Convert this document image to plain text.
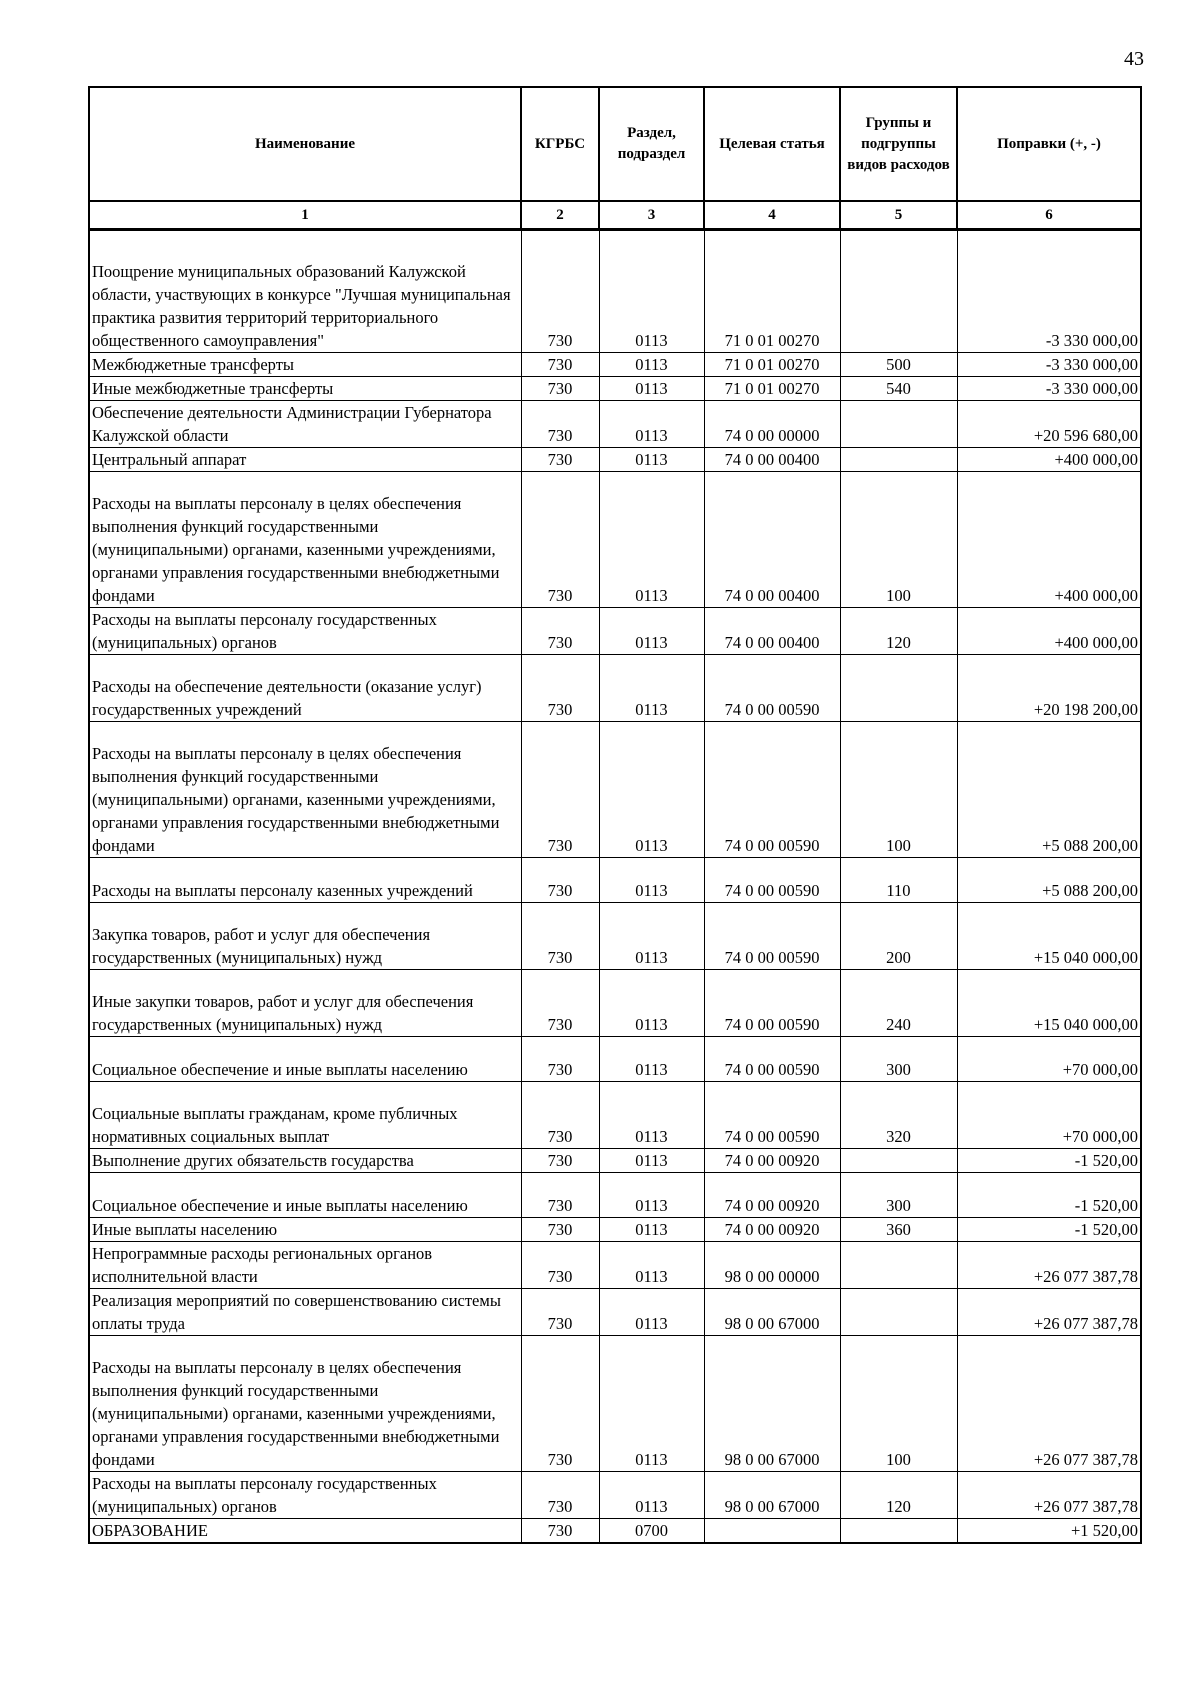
43
Наименование	КГРБС	Раздел, подраздел	Целевая статья	Группы и подгруппы видов расходов	Поправки (+, -)
1	2	3	4	5	6
Поощрение муниципальных образований Калужской области, участвующих в конкурсе "Лучшая муниципальная практика развития территорий территориального общественного самоуправления"	730	0113	71 0 01 00270		-3 330 000,00
Межбюджетные трансферты	730	0113	71 0 01 00270	500	-3 330 000,00
Иные межбюджетные трансферты	730	0113	71 0 01 00270	540	-3 330 000,00
Обеспечение деятельности Администрации Губернатора Калужской области	730	0113	74 0 00 00000		+20 596 680,00
Центральный аппарат	730	0113	74 0 00 00400		+400 000,00
Расходы на выплаты персоналу в целях обеспечения выполнения функций государственными (муниципальными) органами, казенными учреждениями, органами управления государственными внебюджетными фондами	730	0113	74 0 00 00400	100	+400 000,00
Расходы на выплаты персоналу государственных (муниципальных) органов	730	0113	74 0 00 00400	120	+400 000,00
Расходы на обеспечение деятельности (оказание услуг) государственных учреждений	730	0113	74 0 00 00590		+20 198 200,00
Расходы на выплаты персоналу в целях обеспечения выполнения функций государственными (муниципальными) органами, казенными учреждениями, органами управления государственными внебюджетными фондами	730	0113	74 0 00 00590	100	+5 088 200,00
Расходы на выплаты персоналу казенных учреждений	730	0113	74 0 00 00590	110	+5 088 200,00
Закупка товаров, работ и услуг для обеспечения государственных (муниципальных) нужд	730	0113	74 0 00 00590	200	+15 040 000,00
Иные закупки товаров, работ и услуг для обеспечения государственных (муниципальных) нужд	730	0113	74 0 00 00590	240	+15 040 000,00
Социальное обеспечение и иные выплаты населению	730	0113	74 0 00 00590	300	+70 000,00
Социальные выплаты гражданам, кроме публичных нормативных социальных выплат	730	0113	74 0 00 00590	320	+70 000,00
Выполнение других обязательств государства	730	0113	74 0 00 00920		-1 520,00
Социальное обеспечение и иные выплаты населению	730	0113	74 0 00 00920	300	-1 520,00
Иные выплаты населению	730	0113	74 0 00 00920	360	-1 520,00
Непрограммные расходы региональных органов исполнительной власти	730	0113	98 0 00 00000		+26 077 387,78
Реализация мероприятий по совершенствованию системы оплаты труда	730	0113	98 0 00 67000		+26 077 387,78
Расходы на выплаты персоналу в целях обеспечения выполнения функций государственными (муниципальными) органами, казенными учреждениями, органами управления государственными внебюджетными фондами	730	0113	98 0 00 67000	100	+26 077 387,78
Расходы на выплаты персоналу государственных (муниципальных) органов	730	0113	98 0 00 67000	120	+26 077 387,78
ОБРАЗОВАНИЕ	730	0700			+1 520,00
